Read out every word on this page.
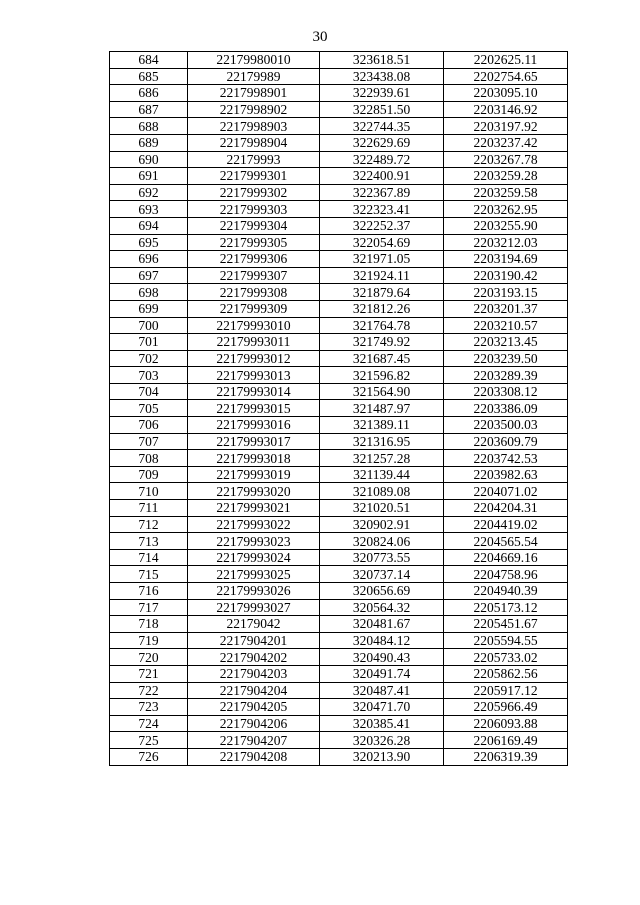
30
684	22179980010	323618.51	2202625.11
685	22179989	323438.08	2202754.65
686	2217998901	322939.61	2203095.10
687	2217998902	322851.50	2203146.92
688	2217998903	322744.35	2203197.92
689	2217998904	322629.69	2203237.42
690	22179993	322489.72	2203267.78
691	2217999301	322400.91	2203259.28
692	2217999302	322367.89	2203259.58
693	2217999303	322323.41	2203262.95
694	2217999304	322252.37	2203255.90
695	2217999305	322054.69	2203212.03
696	2217999306	321971.05	2203194.69
697	2217999307	321924.11	2203190.42
698	2217999308	321879.64	2203193.15
699	2217999309	321812.26	2203201.37
700	22179993010	321764.78	2203210.57
701	22179993011	321749.92	2203213.45
702	22179993012	321687.45	2203239.50
703	22179993013	321596.82	2203289.39
704	22179993014	321564.90	2203308.12
705	22179993015	321487.97	2203386.09
706	22179993016	321389.11	2203500.03
707	22179993017	321316.95	2203609.79
708	22179993018	321257.28	2203742.53
709	22179993019	321139.44	2203982.63
710	22179993020	321089.08	2204071.02
711	22179993021	321020.51	2204204.31
712	22179993022	320902.91	2204419.02
713	22179993023	320824.06	2204565.54
714	22179993024	320773.55	2204669.16
715	22179993025	320737.14	2204758.96
716	22179993026	320656.69	2204940.39
717	22179993027	320564.32	2205173.12
718	22179042	320481.67	2205451.67
719	2217904201	320484.12	2205594.55
720	2217904202	320490.43	2205733.02
721	2217904203	320491.74	2205862.56
722	2217904204	320487.41	2205917.12
723	2217904205	320471.70	2205966.49
724	2217904206	320385.41	2206093.88
725	2217904207	320326.28	2206169.49
726	2217904208	320213.90	2206319.39
